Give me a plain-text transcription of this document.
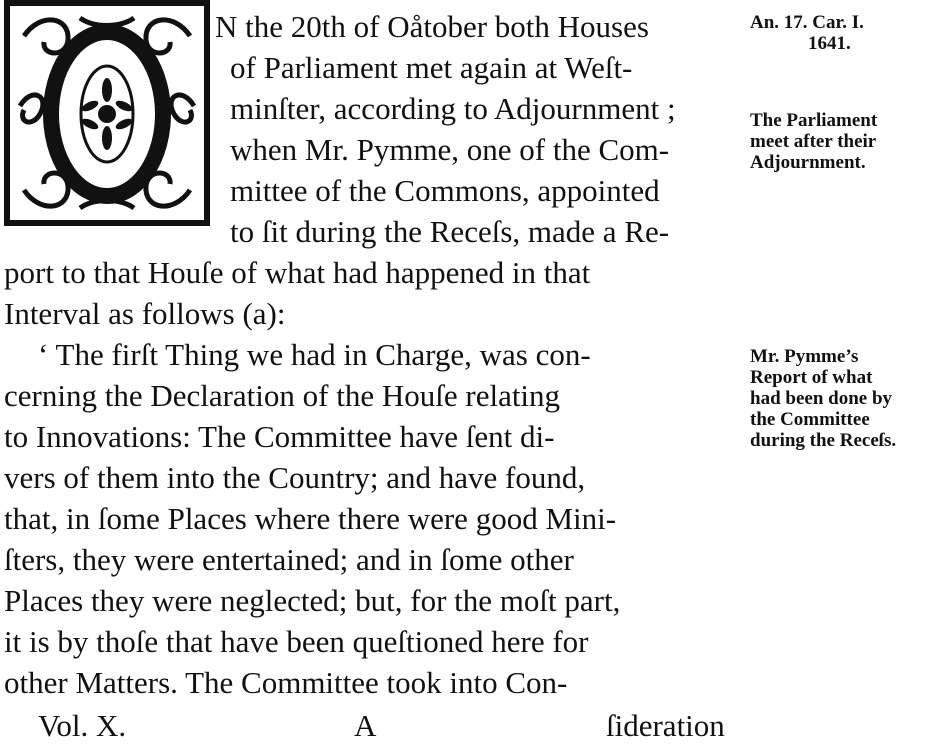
N the 20th of Oåtober both Houses
of Parliament met again at Weſt-
minſter, according to Adjournment ;
when Mr. Pymme, one of the Com-
mittee of the Commons, appointed
to ſit during the Receſs, made a Re-
port to that Houſe of what had happened in that
Interval as follows (a):
‘ The firſt Thing we had in Charge, was con-
cerning the Declaration of the Houſe relating
to Innovations: The Committee have ſent di-
vers of them into the Country; and have found,
that, in ſome Places where there were good Mini-
ſters, they were entertained; and in ſome other
Places they were neglected; but, for the moſt part,
it is by thoſe that have been queſtioned here for
other Matters. The Committee took into Con-
An. 17. Car. I.
1641.
The Parliament
meet after their
Adjournment.
Mr. Pymme’s
Report of what
had been done by
the Committee
during the Receſs.
Vol. X.	A	ſideration
